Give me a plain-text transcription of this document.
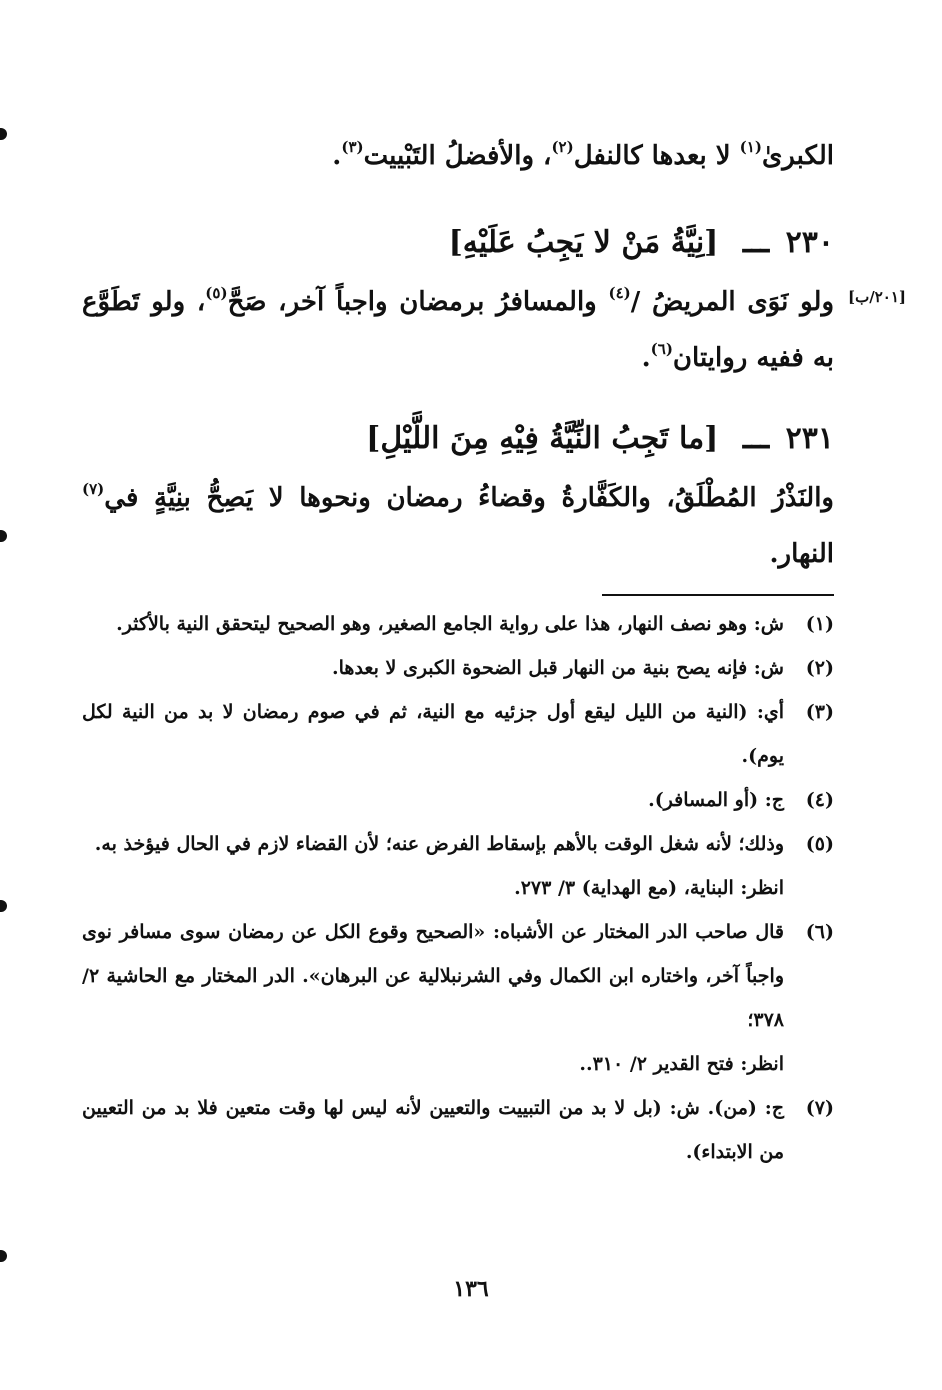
الكبرىٰ$^{(١)}$ لا بعدها كالنفل$^{(٢)}$، والأفضلُ التَبْييت$^{(٣)}$.
٢٣٠ ـــ [نِيَّةُ مَنْ لا يَجِبُ عَلَيْهِ]
[٢٠١/ب]
ولو نَوَى المريضُ /$^{(٤)}$ والمسافرُ برمضان واجباً آخر، صَحَّ$^{(٥)}$، ولو تَطَوَّع به ففيه روايتان$^{(٦)}$.
٢٣١ ـــ [ما تَجِبُ النِّيَّةُ فِيْهِ مِنَ اللَّيْلِ]
والنَذْرُ المُطْلَقُ، والكَفَّارةُ وقضاءُ رمضان ونحوها لا يَصِحُّ بنِيَّةٍ في$^{(٧)}$ النهار.
(١)

ش: وهو نصف النهار، هذا على رواية الجامع الصغير، وهو الصحيح ليتحقق النية بالأكثر.

(٢)

ش: فإنه يصح بنية من النهار قبل الضحوة الكبرى لا بعدها.

(٣)

أي: (النية من الليل ليقع أول جزئيه مع النية، ثم في صوم رمضان لا بد من النية لكل يوم).

(٤)

ج: (أو المسافر).

(٥)

وذلك؛ لأنه شغل الوقت بالأهم بإسقاط الفرض عنه؛ لأن القضاء لازم في الحال فيؤخذ به.

انظر: البناية، (مع الهداية) ٣/ ٢٧٣.

(٦)

قال صاحب الدر المختار عن الأشباه: «الصحيح وقوع الكل عن رمضان سوى مسافر نوى واجباً آخر، واختاره ابن الكمال وفي الشرنبلالية عن البرهان». الدر المختار مع الحاشية ٢/ ٣٧٨؛

انظر: فتح القدير ٢/ ٣١٠..

(٧)

ج: (من). ش: (بل لا بد من التبييت والتعيين لأنه ليس لها وقت متعين فلا بد من التعيين من الابتداء).

١٣٦
